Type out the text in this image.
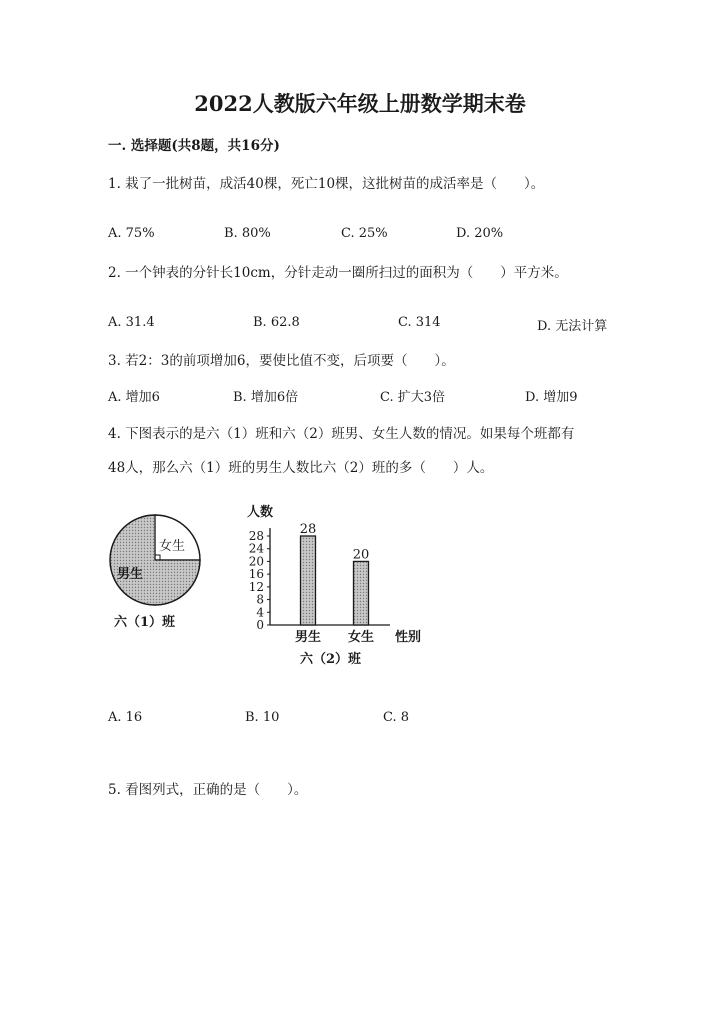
2022人教版六年级上册数学期末卷
一. 选择题(共8题，共16分)
1. 栽了一批树苗，成活40棵，死亡10棵，这批树苗的成活率是（　　）。
A. 75%	B. 80%	C. 25%	D. 20%
2. 一个钟表的分针长10cm，分针走动一圈所扫过的面积为（　　）平方米。
A. 31.4	B. 62.8	C. 314	D. 无法计算
3. 若2：3的前项增加6，要使比值不变，后项要（　　）。
A. 增加6	B. 增加6倍	C. 扩大3倍	D. 增加9
4. 下图表示的是六（1）班和六（2）班男、女生人数的情况。如果每个班都有
48人，那么六（1）班的男生人数比六（2）班的多（　　）人。
女生
男生
六（1）班
人数
0
4
8
12
16
20
24
28	28
男生
20
女生 性别
六（2）班
A. 16	B. 10	C. 8
5. 看图列式，正确的是（　　）。
